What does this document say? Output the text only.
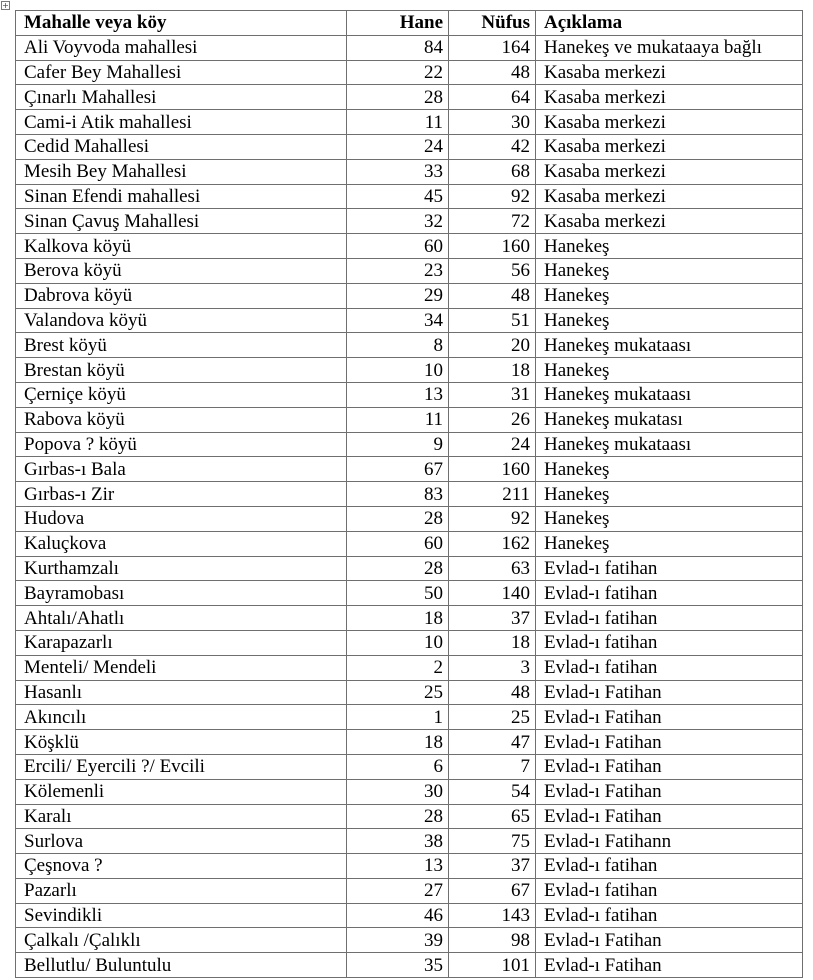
+
Mahalle veya köy	Hane	Nüfus	Açıklama
Ali Voyvoda mahallesi	84	164	Hanekeş ve mukataaya bağlı
Cafer Bey Mahallesi	22	48	Kasaba merkezi
Çınarlı Mahallesi	28	64	Kasaba merkezi
Cami-i Atik mahallesi	11	30	Kasaba merkezi
Cedid Mahallesi	24	42	Kasaba merkezi
Mesih Bey Mahallesi	33	68	Kasaba merkezi
Sinan Efendi mahallesi	45	92	Kasaba merkezi
Sinan Çavuş Mahallesi	32	72	Kasaba merkezi
Kalkova köyü	60	160	Hanekeş
Berova köyü	23	56	Hanekeş
Dabrova köyü	29	48	Hanekeş
Valandova köyü	34	51	Hanekeş
Brest köyü	8	20	Hanekeş mukataası
Brestan köyü	10	18	Hanekeş
Çerniçe köyü	13	31	Hanekeş mukataası
Rabova köyü	11	26	Hanekeş mukatası
Popova ? köyü	9	24	Hanekeş mukataası
Gırbas-ı Bala	67	160	Hanekeş
Gırbas-ı Zir	83	211	Hanekeş
Hudova	28	92	Hanekeş
Kaluçkova	60	162	Hanekeş
Kurthamzalı	28	63	Evlad-ı fatihan
Bayramobası	50	140	Evlad-ı fatihan
Ahtalı/Ahatlı	18	37	Evlad-ı fatihan
Karapazarlı	10	18	Evlad-ı fatihan
Menteli/ Mendeli	2	3	Evlad-ı fatihan
Hasanlı	25	48	Evlad-ı Fatihan
Akıncılı	1	25	Evlad-ı Fatihan
Köşklü	18	47	Evlad-ı Fatihan
Ercili/ Eyercili ?/ Evcili	6	7	Evlad-ı Fatihan
Kölemenli	30	54	Evlad-ı Fatihan
Karalı	28	65	Evlad-ı Fatihan
Surlova	38	75	Evlad-ı Fatihann
Çeşnova ?	13	37	Evlad-ı fatihan
Pazarlı	27	67	Evlad-ı fatihan
Sevindikli	46	143	Evlad-ı fatihan
Çalkalı /Çalıklı	39	98	Evlad-ı Fatihan
Bellutlu/ Buluntulu	35	101	Evlad-ı Fatihan
